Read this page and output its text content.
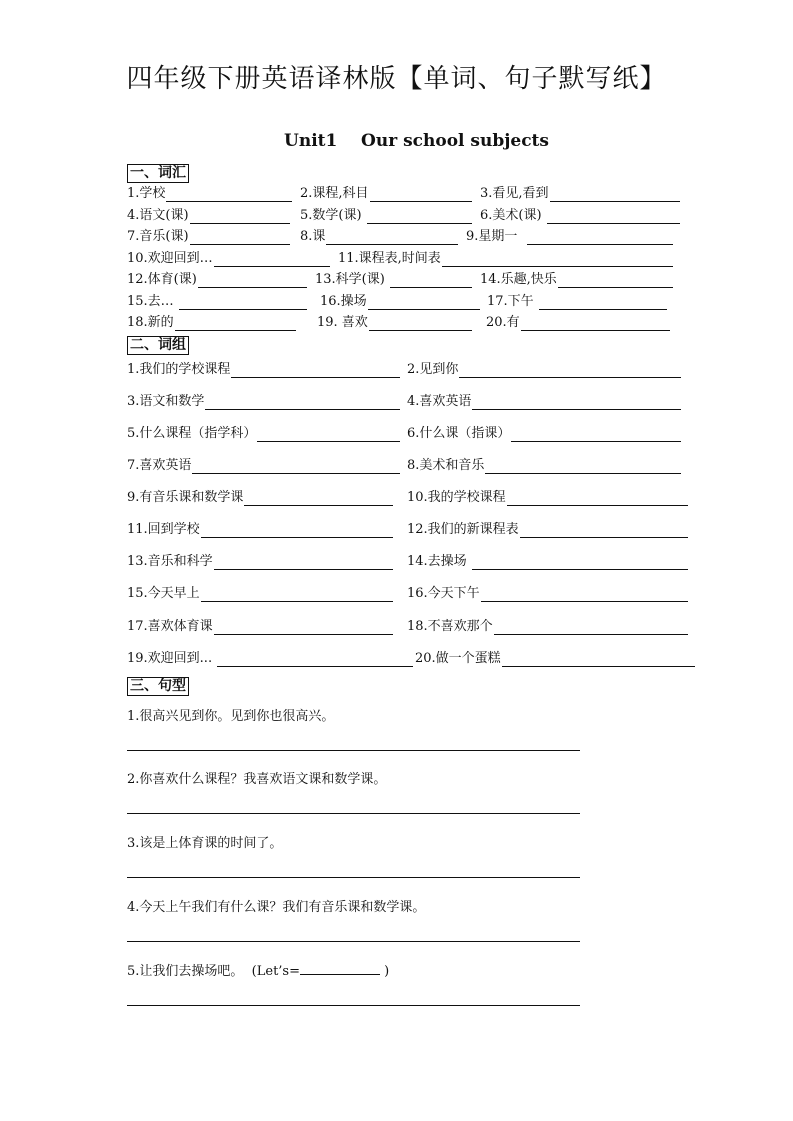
四年级下册英语译林版【单词、句子默写纸】
Unit1    Our school subjects
一、词汇
二、词组
三、句型
1.学校	2.课程,科目	3.看见,看到
4.语文(课)	5.数学(课)	6.美术(课)
7.音乐(课)	8.课	9.星期一
10.欢迎回到…	11.课程表,时间表
12.体育(课)	13.科学(课)	14.乐趣,快乐
15.去…	16.操场	17.下午
18.新的	19. 喜欢	20.有
1.我们的学校课程	2.见到你
3.语文和数学	4.喜欢英语
5.什么课程（指学科）	6.什么课（指课）
7.喜欢英语	8.美术和音乐
9.有音乐课和数学课	10.我的学校课程
11.回到学校	12.我们的新课程表
13.音乐和科学	14.去操场
15.今天早上	16.今天下午
17.喜欢体育课	18.不喜欢那个
19.欢迎回到...	20.做一个蛋糕
1.很高兴见到你。见到你也很高兴。
2.你喜欢什么课程？我喜欢语文课和数学课。
3.该是上体育课的时间了。
4.今天上午我们有什么课？我们有音乐课和数学课。
5.让我们去操场吧。  (Let’s=	)
